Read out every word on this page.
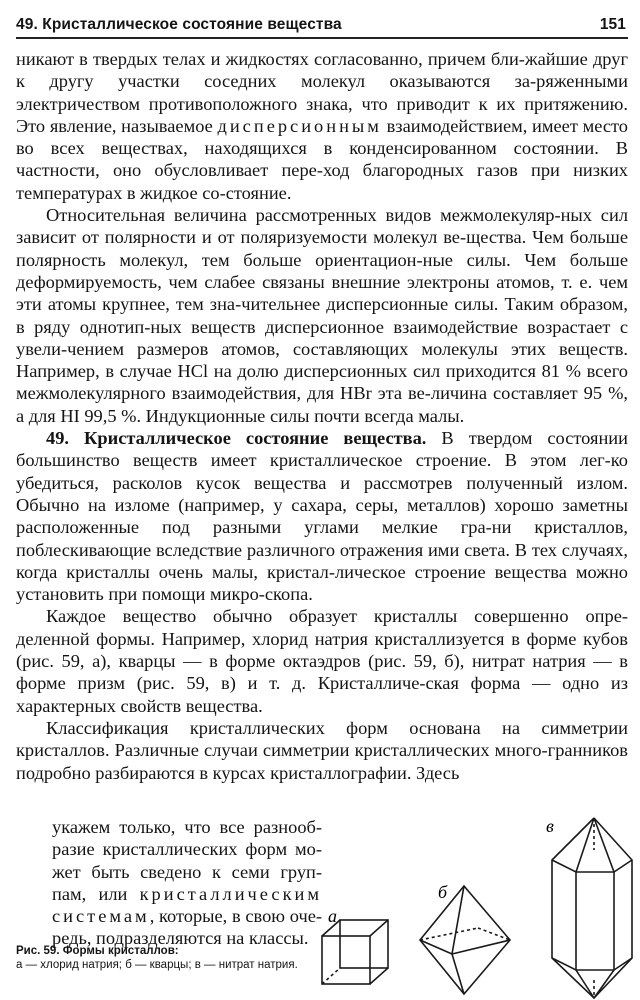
49. Кристаллическое состояние вещества	151

никают в твердых телах и жидкостях согласованно, причем бли-жайшие друг к другу участки соседних молекул оказываются за-ряженными электричеством противоположного знака, что приводит к их притяжению. Это явление, называемое дисперсионным взаимодействием, имеет место во всех веществах, находящихся в конденсированном состоянии. В частности, оно обусловливает пере-ход благородных газов при низких температурах в жидкое со-стояние.

Относительная величина рассмотренных видов межмолекуляр-ных сил зависит от полярности и от поляризуемости молекул ве-щества. Чем больше полярность молекул, тем больше ориентацион-ные силы. Чем больше деформируемость, чем слабее связаны внешние электроны атомов, т. е. чем эти атомы крупнее, тем зна-чительнее дисперсионные силы. Таким образом, в ряду однотип-ных веществ дисперсионное взаимодействие возрастает с увели-чением размеров атомов, составляющих молекулы этих веществ. Например, в случае HCl на долю дисперсионных сил приходится 81 % всего межмолекулярного взаимодействия, для HBr эта ве-личина составляет 95 %, а для HI 99,5 %. Индукционные силы почти всегда малы.

49. Кристаллическое состояние вещества. В твердом состоянии большинство веществ имеет кристаллическое строение. В этом лег-ко убедиться, расколов кусок вещества и рассмотрев полученный излом. Обычно на изломе (например, у сахара, серы, металлов) хорошо заметны расположенные под разными углами мелкие гра-ни кристаллов, поблескивающие вследствие различного отражения ими света. В тех случаях, когда кристаллы очень малы, кристал-лическое строение вещества можно установить при помощи микро-скопа.

Каждое вещество обычно образует кристаллы совершенно опре-деленной формы. Например, хлорид натрия кристаллизуется в форме кубов (рис. 59, а), кварцы — в форме октаэдров (рис. 59, б), нитрат натрия — в форме призм (рис. 59, в) и т. д. Кристалличе-ская форма — одно из характерных свойств вещества.

Классификация кристаллических форм основана на симметрии кристаллов. Различные случаи симметрии кристаллических много-гранников подробно разбираются в курсах кристаллографии. Здесь

укажем только, что все разнооб-разие кристаллических форм мо-жет быть сведено к семи груп-пам, или кристаллическим системам, которые, в свою оче-редь, подразделяются на классы.
Рис. 59. Формы кристаллов:
а — хлорид натрия; б — кварцы; в — нитрат натрия.
а
б
в
